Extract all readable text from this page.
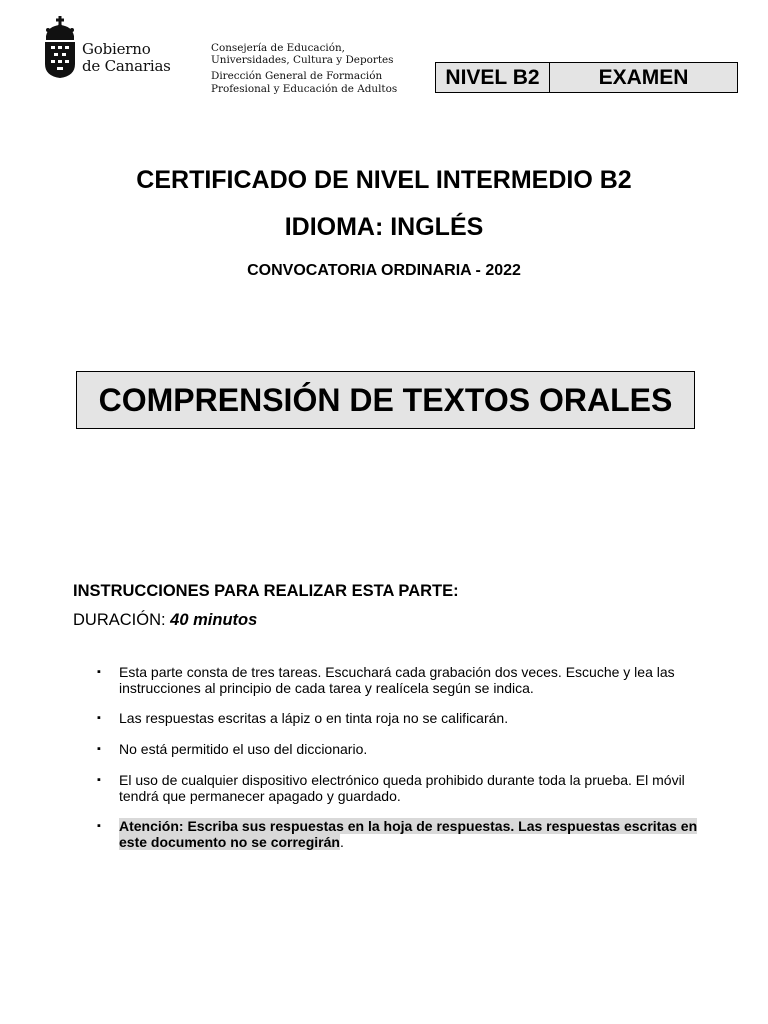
Gobierno
de Canarias
Consejería de Educación,
Universidades, Cultura y Deportes
Dirección General de Formación
Profesional y Educación de Adultos
NIVEL B2	EXAMEN
CERTIFICADO DE NIVEL INTERMEDIO B2
IDIOMA: INGLÉS
CONVOCATORIA ORDINARIA - 2022
COMPRENSIÓN DE TEXTOS ORALES
INSTRUCCIONES PARA REALIZAR ESTA PARTE:
DURACIÓN: 40 minutos
▪ Esta parte consta de tres tareas. Escuchará cada grabación dos veces. Escuche y lea las instrucciones al principio de cada tarea y realícela según se indica.
▪ Las respuestas escritas a lápiz o en tinta roja no se calificarán.
▪ No está permitido el uso del diccionario.
▪ El uso de cualquier dispositivo electrónico queda prohibido durante toda la prueba. El móvil tendrá que permanecer apagado y guardado.
▪ Atención: Escriba sus respuestas en la hoja de respuestas. Las respuestas escritas en este documento no se corregirán.
